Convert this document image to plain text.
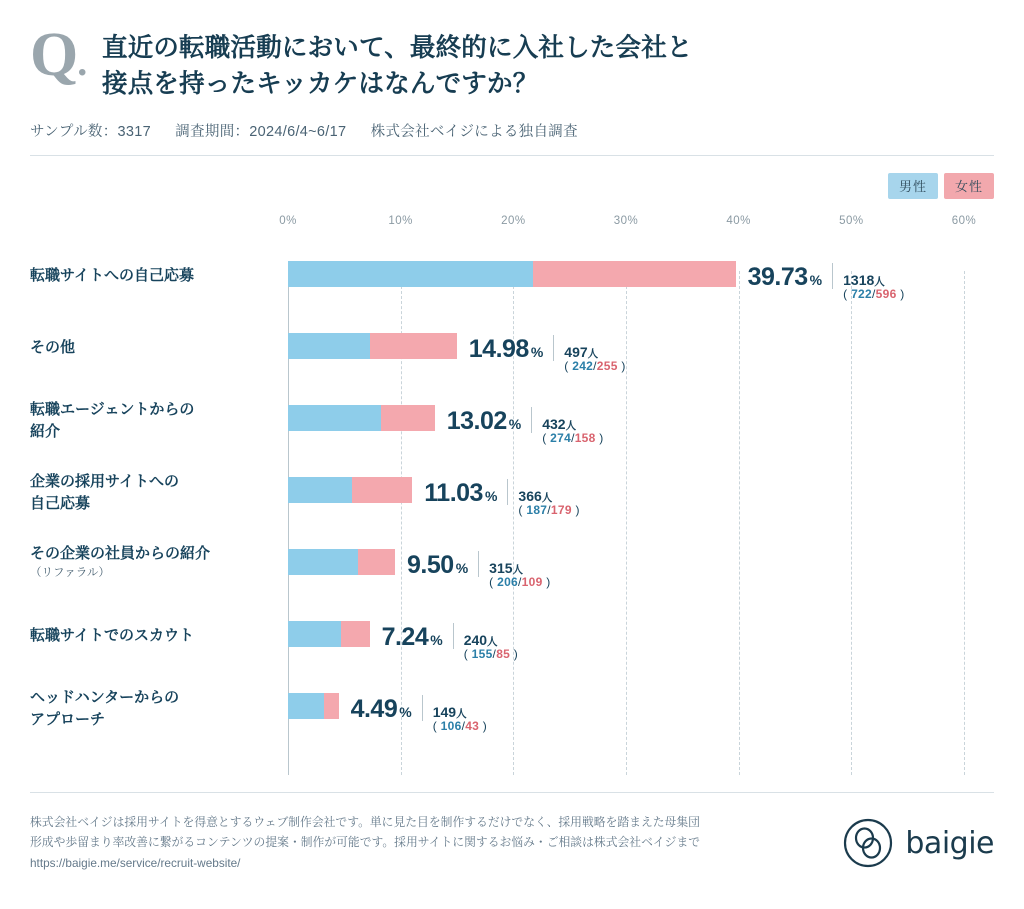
Q. 直近の転職活動において、最終的に入社した会社と
接点を持ったキッカケはなんですか？
サンプル数：3317 調査期間：2024/6/4~6/17 株式会社ベイジによる独自調査
男性	女性
0%	10%	20%	30%	40%	50%	60%
転職サイトへの自己応募	39.73 % 1318人
( 722/596 )
その他	14.98 % 497人
( 242/255 )
転職エージェントからの
紹介	13.02 % 432人
( 274/158 )
企業の採用サイトへの
自己応募	11.03 % 366人
( 187/179 )
その企業の社員からの紹介
（リファラル）	9.50 % 315人
( 206/109 )
転職サイトでのスカウト	7.24 % 240人
( 155/85 )
ヘッドハンターからの
アプローチ	4.49 % 149人
( 106/43 )
株式会社ベイジは採用サイトを得意とするウェブ制作会社です。単に見た目を制作するだけでなく、採用戦略を踏まえた母集団
形成や歩留まり率改善に繋がるコンテンツの提案・制作が可能です。採用サイトに関するお悩み・ご相談は株式会社ベイジまで
https://baigie.me/service/recruit-website/
baigie
